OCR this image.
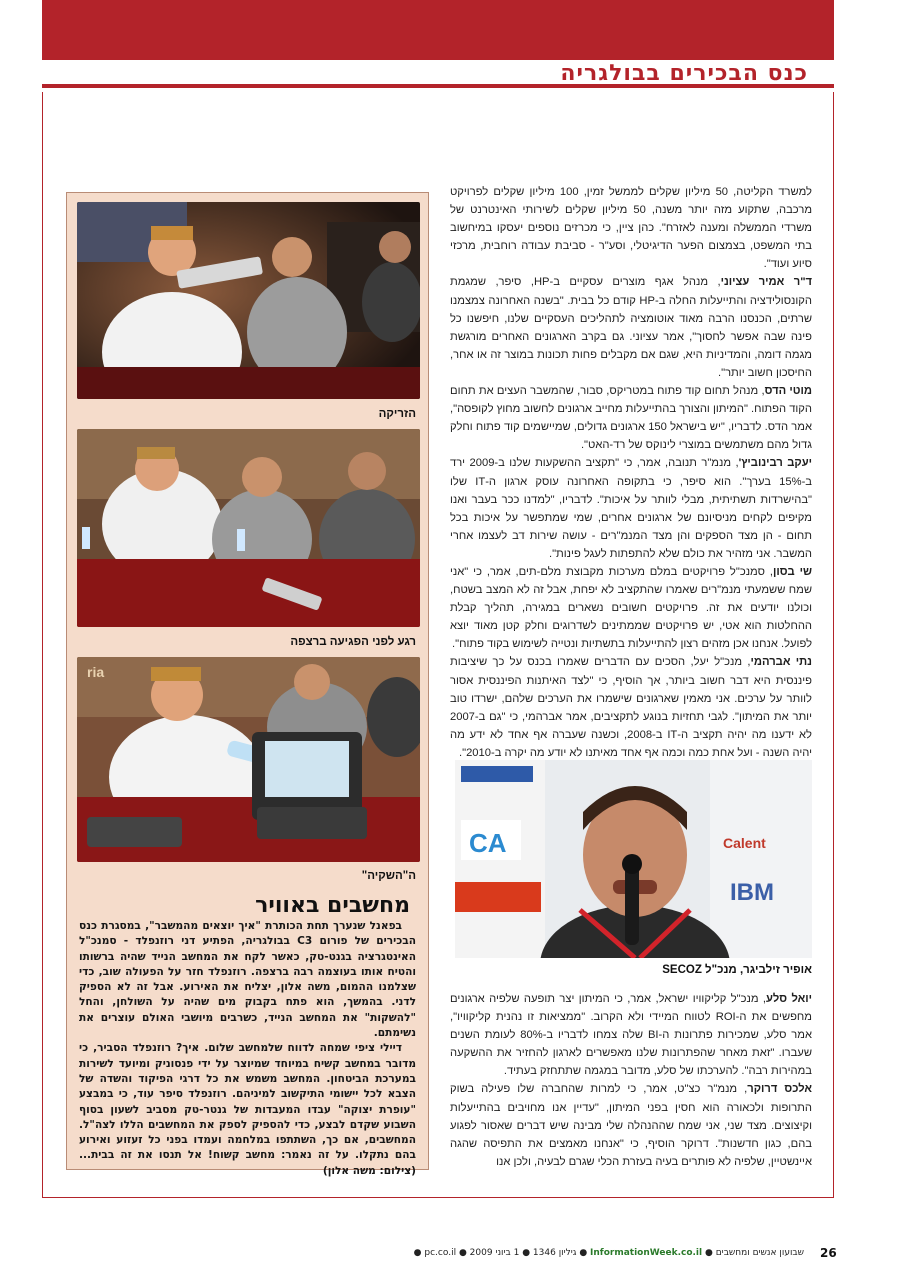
כנס הבכירים בבולגריה

למשרד הקליטה, 50 מיליון שקלים לממשל זמין, 100 מיליון שקלים לפרויקט מרכבה, שתקוע מזה יותר משנה, 50 מיליון שקלים לשירותי האינטרנט של משרדי הממשלה ומענה לאזרח". כהן ציין, כי מכרזים נוספים יעסקו במיחשוב בתי המשפט, בצמצום הפער הדיגיטלי, וסע"ר - סביבת עבודה רוחבית, מרכזי סיוע ועוד".

ד"ר אמיר עציוני, מנהל אגף מוצרים עסקיים ב-HP, סיפר, שמגמת הקונסולידציה והתייעלות החלה ב-HP קודם כל בבית. "בשנה האחרונה צמצמנו שרתים, הכנסנו הרבה מאוד אוטומציה לתהליכים העסקיים שלנו, חיפשנו כל פינה שבה אפשר לחסוך", אמר עציוני. גם בקרב הארגונים האחרים מורגשת מגמה דומה, והמדיניות היא, שגם אם מקבלים פחות תכונות במוצר זה או אחר, החיסכון חשוב יותר".

מוטי הדס, מנהל תחום קוד פתוח במטריקס, סבור, שהמשבר העצים את תחום הקוד הפתוח. "המיתון והצורך בהתייעלות מחייב ארגונים לחשוב מחוץ לקופסה", אמר הדס. לדבריו, "יש בישראל 150 ארגונים גדולים, שמיישמים קוד פתוח וחלק גדול מהם משתמשים במוצרי לינוקס של רד-האט".

יעקב רבינוביץ', מנמ"ר תנובה, אמר, כי "תקציב ההשקעות שלנו ב-2009 ירד ב-15% בערך". הוא סיפר, כי בתקופה האחרונה עוסק ארגון ה-IT שלו "בהישרדות תשתיתית, מבלי לוותר על איכות". לדבריו, "למדנו ככר בעבר ואנו מקיפים לקחים מניסיונם של ארגונים אחרים, שמי שמתפשר על איכות בכל תחום - הן מצד הספקים והן מצד המנמ"רים - עושה שירות דב לעצמו אחרי המשבר. אני מזהיר את כולם שלא להתפתות לעגל פינות".

שי בסון, סמנכ"ל פרויקטים במלם מערכות מקבוצת מלם-תים, אמר, כי "אני שמח ששמעתי מנמ"רים שאמרו שהתקציב לא יפחת, אבל זה לא המצב בשטח, וכולנו יודעים את זה. פרויקטים חשובים נשארים במגירה, תהליך קבלת ההחלטות הוא אטי, יש פרויקטים שממתינים לשדרוגים וחלק קטן מאוד יוצא לפועל. אנחנו אכן מזהים רצון להתייעלות בתשתיות ונטייה לשימוש בקוד פתוח".

נתי אברהמי, מנכ"ל יעל, הסכים עם הדברים שאמרו בכנס על כך שיציבות פיננסית היא דבר חשוב ביותר, אך הוסיף, כי "לצד האיתנות הפיננסית אסור לוותר על ערכים. אני מאמין שארגונים שישמרו את הערכים שלהם, ישרדו טוב יותר את המיתון". לגבי תחזיות בנוגע לתקציבים, אמר אברהמי, כי "גם ב-2007 לא ידענו מה יהיה תקציב ה-IT ב-2008, וכשנה שעברה אף אחד לא ידע מה יהיה השנה - ועל אחת כמה וכמה אף אחד מאיתנו לא יודע מה יקרה ב-2010".

הזריקה
רגע לפני הפגיעה ברצפה
ria
ה"השקיה"
מחשבים באוויר

בפאנל שנערך תחת הכותרת "איך יוצאים מהמשבר", במסגרת כנס הבכירים של פורום C3 בבולגריה, הפתיע דני רוזנפלד - סמנכ"ל האינטגרציה בגנט-טק, כאשר לקח את המחשב הנייד שהיה ברשותו והטיח אותו בעוצמה רבה ברצפה. רוזנפלד חזר על הפעולה שוב, כדי שצלמנו ההמום, משה אלון, יצליח את האירוע. אבל זה לא הספיק לדני. בהמשך, הוא פתח בקבוק מים שהיה על השולחן, והחל "להשקות" את המחשב הנייד, כשרבים מיושבי האולם עוצרים את נשימתם.

דיילי ציפי שמחה לדווח שלמחשב שלום. איך? רוזנפלד הסביר, כי מדובר במחשב קשיח במיוחד שמיוצר על ידי פנסוניק ומיועד לשירות במערכת הביטחון. המחשב משמש את כל דרגי הפיקוד והשדה של הצבא לכל יישומי התיקשוב למיניהם. רוזנפלד סיפר עוד, כי במבצע "עופרת יצוקה" עבדו המעבדות של גנטר-טק מסביב לשעון בסוף השבוע שקדם לבצע, כדי להספיק לספק את המחשבים הללו לצה"ל. המחשבים, אם כך, השתתפו במלחמה ועמדו בפני כל זעזוע ואירוע בהם נתקלו. על זה נאמר: מחשב קשוח! אל תנסו את זה בבית... (צילום: משה אלון)

CA	Calent
IBM
אופיר זילביגר, מנכ"ל SECOZ

יואל סלע, מנכ"ל קליקוויו ישראל, אמר, כי המיתון יצר תופעה שלפיה ארגונים מחפשים את ה-ROI לטווח המיידי ולא הקרוב. "ממציאות זו נהנית קליקוויו", אמר סלע, שמכירות פתרונות ה-BI שלה צמחו לדבריו ב-80% לעומת השנים שעברו. "זאת מאחר שהפתרונות שלנו מאפשרים לארגון להחזיר את ההשקעה במהירות רבה". להערכתו של סלע, מדובר במגמה שתתחזק בעתיד.

אלכס דרוקר, מנמ"ר כצ"ט, אמר, כי למרות שהחברה שלו פעילה בשוק התרופות ולכאורה הוא חסין בפני המיתון, "עדיין אנו מחויבים בהתייעלות וקיצוצים. מצד שני, אני שמח שההנהלה שלי מבינה שיש דברים שאסור לפגוע בהם, כגון חדשנות". דרוקר הוסיף, כי "אנחנו מאמצים את התפיסה שהגה איינשטיין, שלפיה לא פותרים בעיה בעזרת הכלי שגרם לבעיה, ולכן אנו

26
שבועון אנשים ומחשבים ● InformationWeek.co.il ● גיליון 1346 ● 1 ביוני 2009 ● pc.co.il ●
